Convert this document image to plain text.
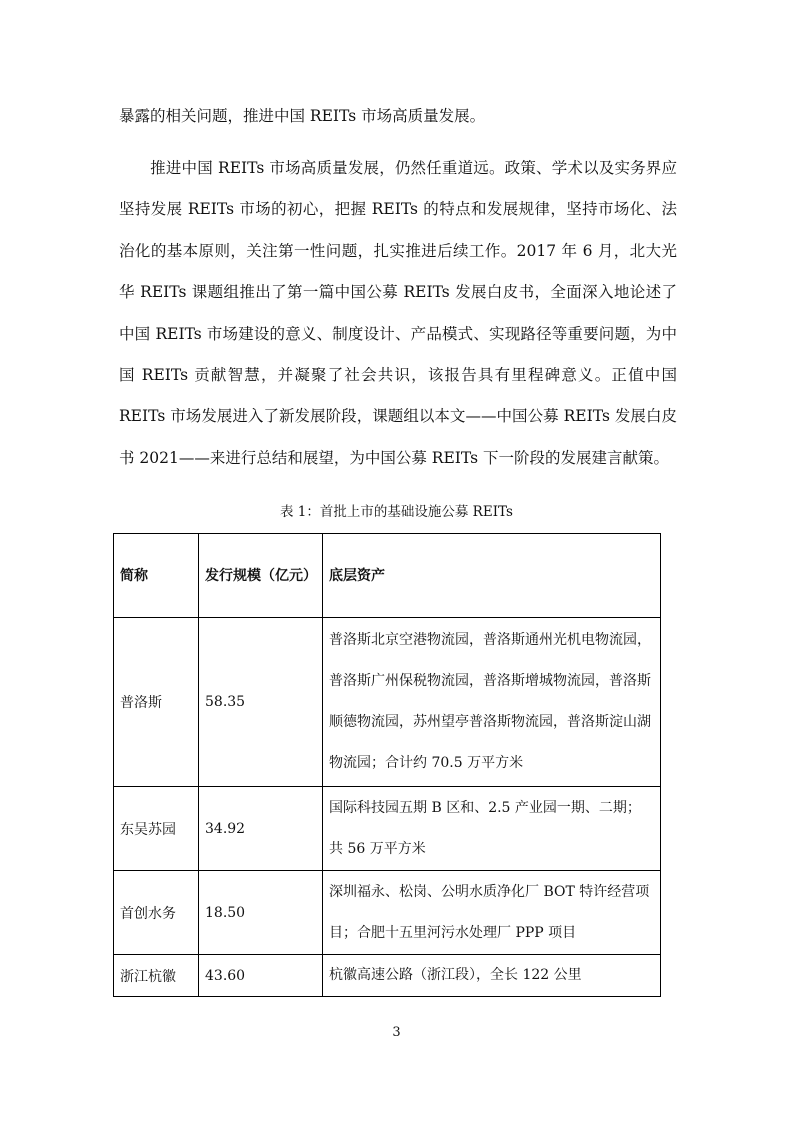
暴露的相关问题，推进中国 REITs 市场高质量发展。

推进中国 REITs 市场高质量发展，仍然任重道远。政策、学术以及实务界应坚持发展 REITs 市场的初心，把握 REITs 的特点和发展规律，坚持市场化、法治化的基本原则，关注第一性问题，扎实推进后续工作。2017 年 6 月，北大光华 REITs 课题组推出了第一篇中国公募 REITs 发展白皮书，全面深入地论述了中国 REITs 市场建设的意义、制度设计、产品模式、实现路径等重要问题，为中国 REITs 贡献智慧，并凝聚了社会共识，该报告具有里程碑意义。正值中国 REITs 市场发展进入了新发展阶段，课题组以本文——中国公募 REITs 发展白皮书 2021——来进行总结和展望，为中国公募 REITs 下一阶段的发展建言献策。

表 1：首批上市的基础设施公募 REITs
简称	发行规模（亿元）	底层资产
普洛斯	58.35	普洛斯北京空港物流园，普洛斯通州光机电物流园，普洛斯广州保税物流园，普洛斯增城物流园，普洛斯顺德物流园，苏州望亭普洛斯物流园，普洛斯淀山湖物流园；合计约 70.5 万平方米
东吴苏园	34.92	国际科技园五期 B 区和、2.5 产业园一期、二期；共 56 万平方米
首创水务	18.50	深圳福永、松岗、公明水质净化厂 BOT 特许经营项目；合肥十五里河污水处理厂 PPP 项目
浙江杭徽	43.60	杭徽高速公路（浙江段），全长 122 公里
3
